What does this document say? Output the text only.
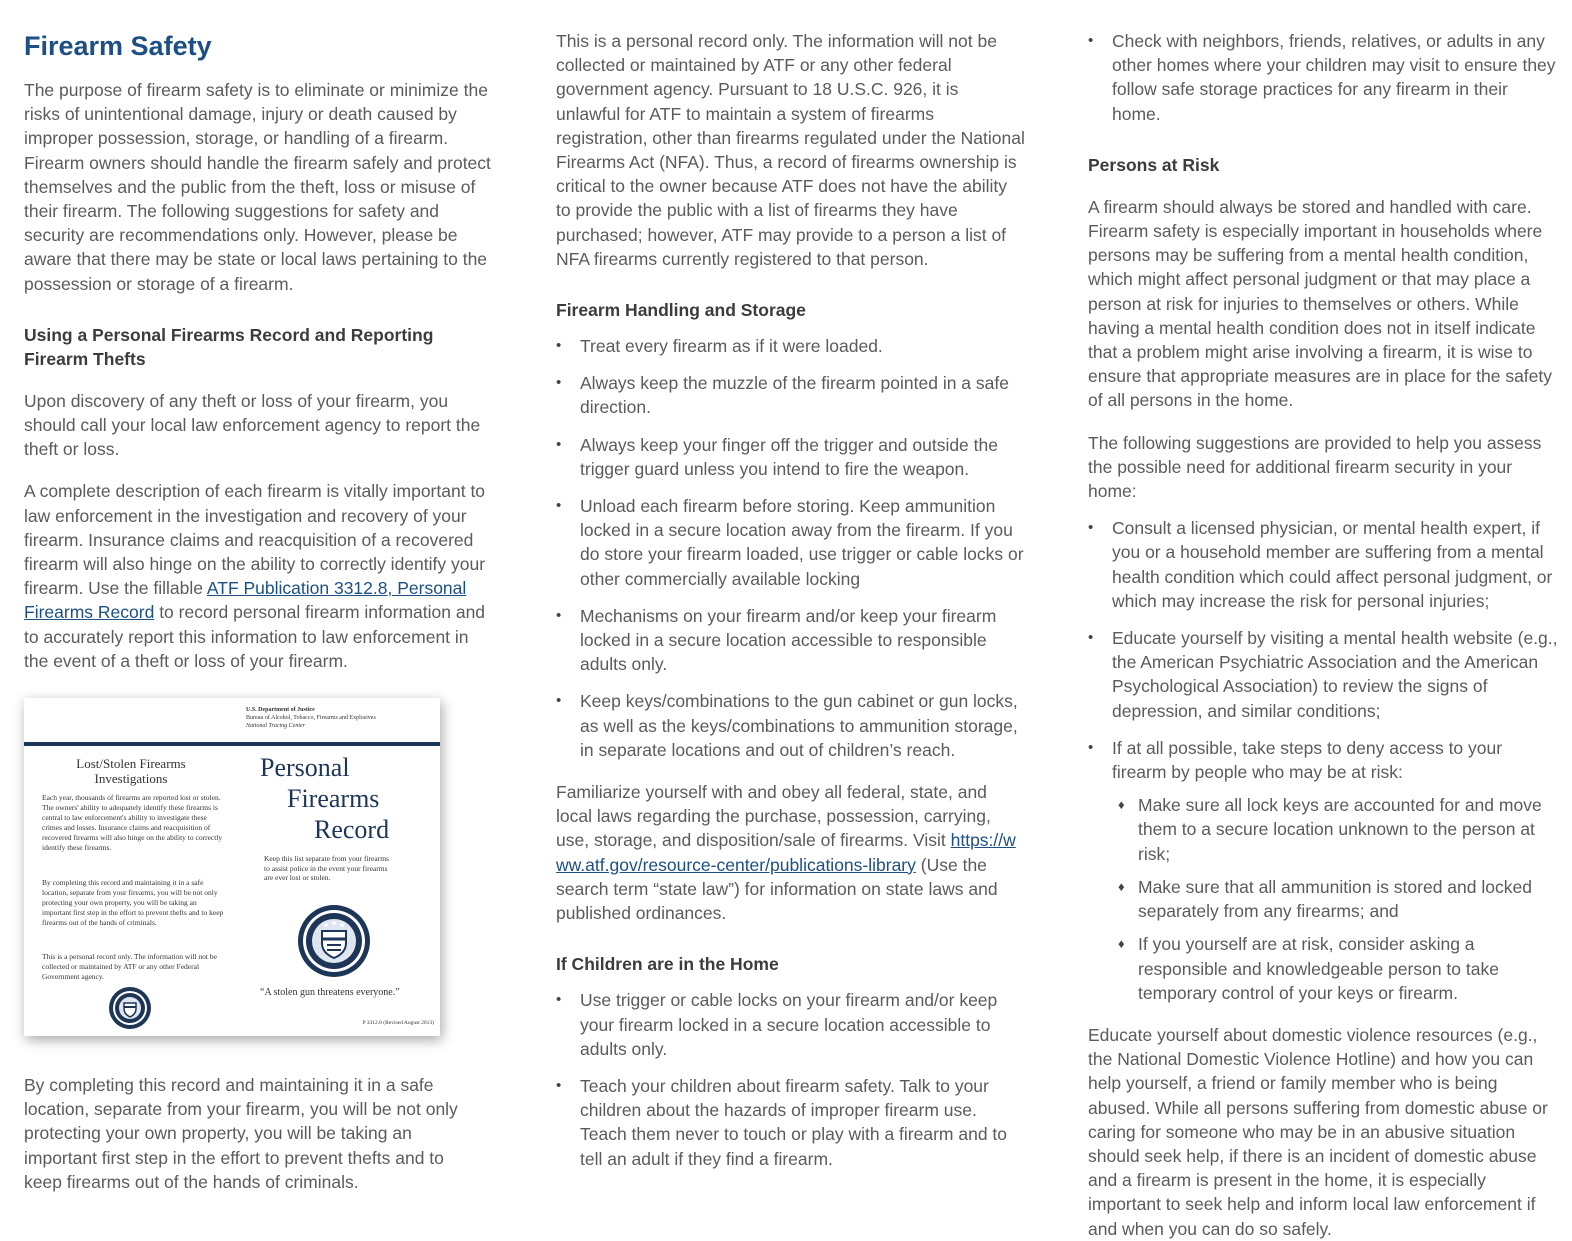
Firearm Safety

The purpose of firearm safety is to eliminate or minimize the risks of unintentional damage, injury or death caused by improper possession, storage, or handling of a firearm. Firearm owners should handle the firearm safely and protect themselves and the public from the theft, loss or misuse of their firearm. The following suggestions for safety and security are recommendations only. However, please be aware that there may be state or local laws pertaining to the possession or storage of a firearm.

Using a Personal Firearms Record and Reporting Firearm Thefts

Upon discovery of any theft or loss of your firearm, you should call your local law enforcement agency to report the theft or loss.

A complete description of each firearm is vitally important to law enforcement in the investigation and recovery of your firearm. Insurance claims and reacquisition of a recovered firearm will also hinge on the ability to correctly identify your firearm. Use the fillable ATF Publication 3312.8, Personal Firearms Record to record personal firearm information and to accurately report this information to law enforcement in the event of a theft or loss of your firearm.

U.S. Department of Justice
Bureau of Alcohol, Tobacco, Firearms and Explosives
National Tracing Center
Lost/Stolen Firearms Investigations
Each year, thousands of firearms are reported lost or stolen. The owners' ability to adequately identify these firearms is central to law enforcement's ability to investigate these crimes and losses. Insurance claims and reacquisition of recovered firearms will also hinge on the ability to correctly identify these firearms.
By completing this record and maintaining it in a safe location, separate from your firearms, you will be not only protecting your own property, you will be taking an important first step in the effort to prevent thefts and to keep firearms out of the hands of criminals.
This is a personal record only. The information will not be collected or maintained by ATF or any other Federal Government agency.
Personal
Firearms
Record
Keep this list separate from your firearms to assist police in the event your firearms are ever lost or stolen.
“A stolen gun threatens everyone.”
P 3312.8 (Revised August 2013)

By completing this record and maintaining it in a safe location, separate from your firearm, you will be not only protecting your own property, you will be taking an important first step in the effort to prevent thefts and to keep firearms out of the hands of criminals.

This is a personal record only. The information will not be collected or maintained by ATF or any other federal government agency. Pursuant to 18 U.S.C. 926, it is unlawful for ATF to maintain a system of firearms registration, other than firearms regulated under the National Firearms Act (NFA). Thus, a record of firearms ownership is critical to the owner because ATF does not have the ability to provide the public with a list of firearms they have purchased; however, ATF may provide to a person a list of NFA firearms currently registered to that person.

Firearm Handling and Storage
• Treat every firearm as if it were loaded.
• Always keep the muzzle of the firearm pointed in a safe direction.
• Always keep your finger off the trigger and outside the trigger guard unless you intend to fire the weapon.
• Unload each firearm before storing. Keep ammunition locked in a secure location away from the firearm. If you do store your firearm loaded, use trigger or cable locks or other commercially available locking
• Mechanisms on your firearm and/or keep your firearm locked in a secure location accessible to responsible adults only.
• Keep keys/combinations to the gun cabinet or gun locks, as well as the keys/combinations to ammunition storage, in separate locations and out of children’s reach.

Familiarize yourself with and obey all federal, state, and local laws regarding the purchase, possession, carrying, use, storage, and disposition/sale of firearms. Visit https://www.atf.gov/resource-center/publications-library (Use the search term “state law”) for information on state laws and published ordinances.

If Children are in the Home
• Use trigger or cable locks on your firearm and/or keep your firearm locked in a secure location accessible to adults only.
• Teach your children about firearm safety. Talk to your children about the hazards of improper firearm use. Teach them never to touch or play with a firearm and to tell an adult if they find a firearm.
• Check with neighbors, friends, relatives, or adults in any other homes where your children may visit to ensure they follow safe storage practices for any firearm in their home.
Persons at Risk

A firearm should always be stored and handled with care. Firearm safety is especially important in households where persons may be suffering from a mental health condition, which might affect personal judgment or that may place a person at risk for injuries to themselves or others. While having a mental health condition does not in itself indicate that a problem might arise involving a firearm, it is wise to ensure that appropriate measures are in place for the safety of all persons in the home.

The following suggestions are provided to help you assess the possible need for additional firearm security in your home:

• Consult a licensed physician, or mental health expert, if you or a household member are suffering from a mental health condition which could affect personal judgment, or which may increase the risk for personal injuries;
• Educate yourself by visiting a mental health website (e.g., the American Psychiatric Association and the American Psychological Association) to review the signs of depression, and similar conditions;
• If at all possible, take steps to deny access to your firearm by people who may be at risk:
♦ Make sure all lock keys are accounted for and move them to a secure location unknown to the person at risk;
♦ Make sure that all ammunition is stored and locked separately from any firearms; and
♦ If you yourself are at risk, consider asking a responsible and knowledgeable person to take temporary control of your keys or firearm.

Educate yourself about domestic violence resources (e.g., the National Domestic Violence Hotline) and how you can help yourself, a friend or family member who is being abused. While all persons suffering from domestic abuse or caring for someone who may be in an abusive situation should seek help, if there is an incident of domestic abuse and a firearm is present in the home, it is especially important to seek help and inform local law enforcement if and when you can do so safely.
